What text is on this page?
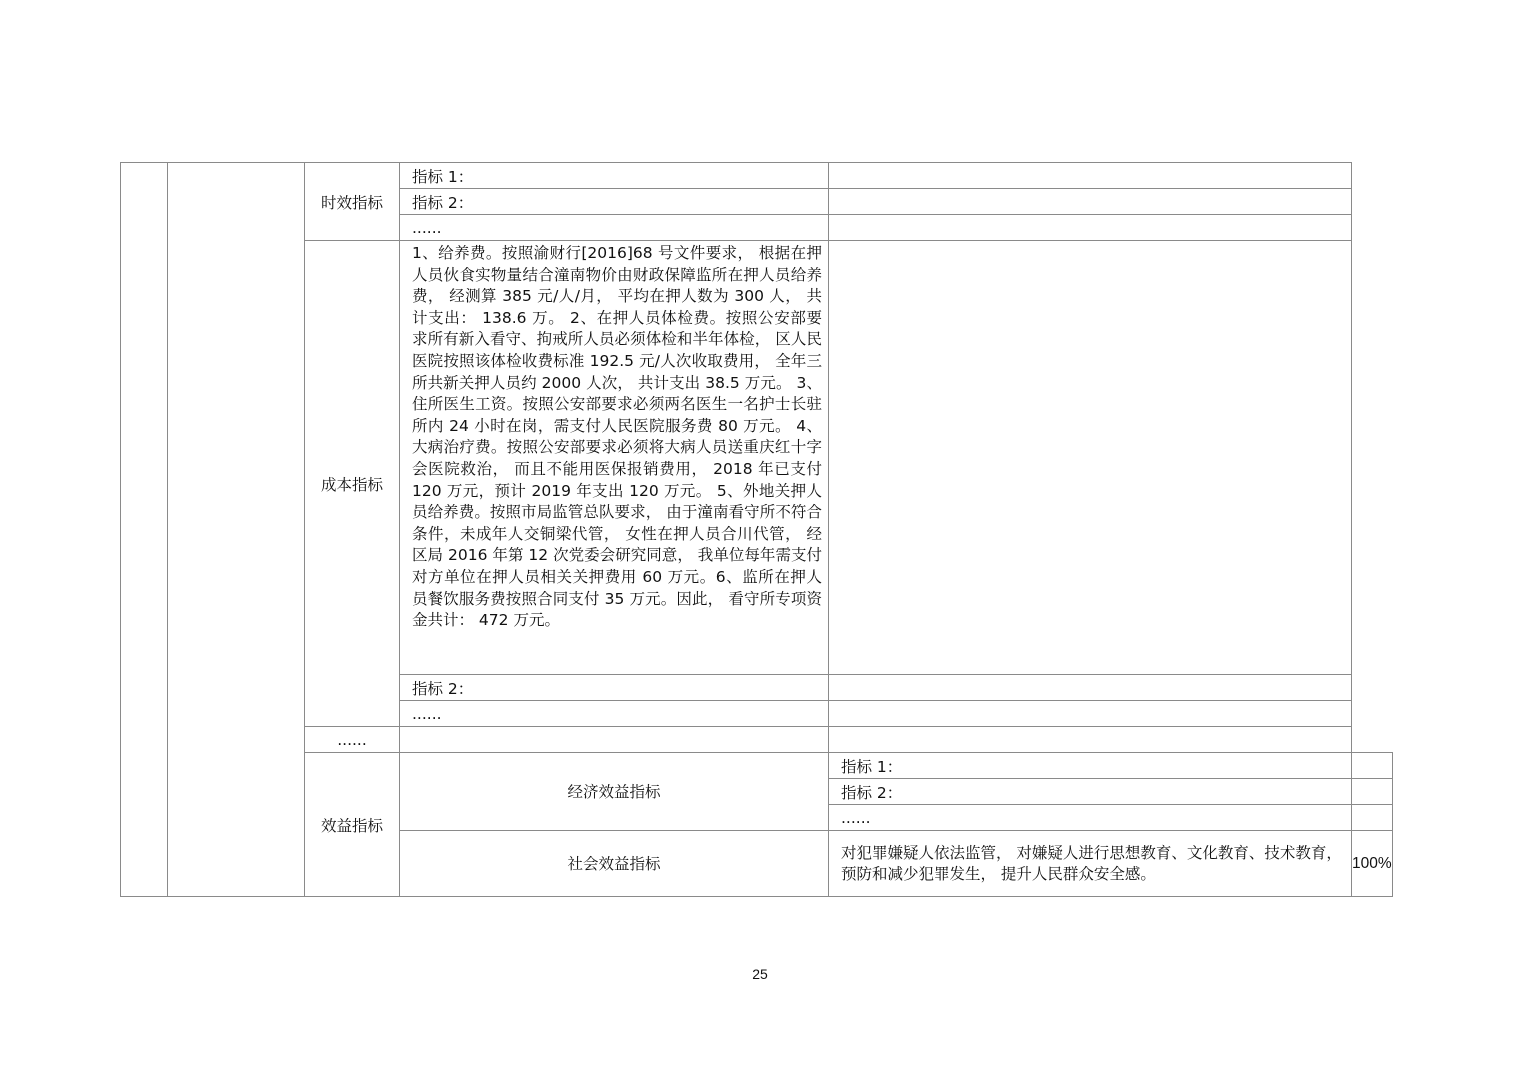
		时效指标	指标 1：		
			指标 2：		
			......		
		成本指标	1、给养费。按照渝财行[2016]68 号文件要求， 根据在押人员伙食实物量结合潼南物价由财政保障监所在押人员给养费， 经测算 385 元/人/月， 平均在押人数为 300 人， 共计支出： 138.6 万。 2、在押人员体检费。按照公安部要求所有新入看守、拘戒所人员必须体检和半年体检， 区人民医院按照该体检收费标准 192.5 元/人次收取费用， 全年三所共新关押人员约 2000 人次， 共计支出 38.5 万元。 3、住所医生工资。按照公安部要求必须两名医生一名护士长驻所内 24 小时在岗，需支付人民医院服务费 80 万元。 4、大病治疗费。按照公安部要求必须将大病人员送重庆红十字会医院救治， 而且不能用医保报销费用， 2018 年已支付 120 万元，预计 2019 年支出 120 万元。 5、外地关押人员给养费。按照市局监管总队要求， 由于潼南看守所不符合条件，未成年人交铜梁代管， 女性在押人员合川代管， 经区局 2016 年第 12 次党委会研究同意， 我单位每年需支付对方单位在押人员相关关押费用 60 万元。6、监所在押人员餐饮服务费按照合同支付 35 万元。因此， 看守所专项资金共计： 472 万元。		
			指标 2：		
			......		
		......			
		效益指标	经济效益指标	指标 1：	
				指标 2：	
				......	
			社会效益指标	对犯罪嫌疑人依法监管， 对嫌疑人进行思想教育、文化教育、技术教育， 预防和减少犯罪发生， 提升人民群众安全感。	100%
25
